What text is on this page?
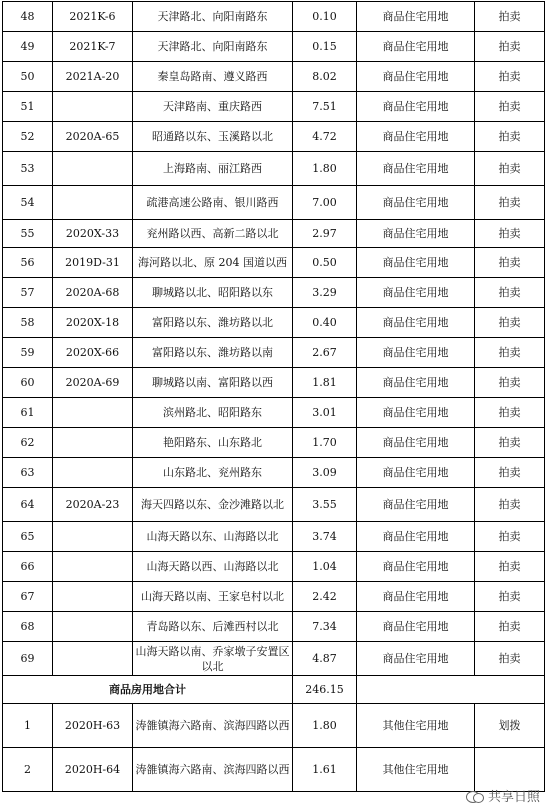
48	2021K-6	天津路北、向阳南路东	0.10	商品住宅用地	拍卖
49	2021K-7	天津路北、向阳南路东	0.15	商品住宅用地	拍卖
50	2021A-20	秦皇岛路南、遵义路西	8.02	商品住宅用地	拍卖
51		天津路南、重庆路西	7.51	商品住宅用地	拍卖
52	2020A-65	昭通路以东、玉溪路以北	4.72	商品住宅用地	拍卖
53		上海路南、丽江路西	1.80	商品住宅用地	拍卖
54		疏港高速公路南、银川路西	7.00	商品住宅用地	拍卖
55	2020X-33	兖州路以西、高新二路以北	2.97	商品住宅用地	拍卖
56	2019D-31	海河路以北、原 204 国道以西	0.50	商品住宅用地	拍卖
57	2020A-68	聊城路以北、昭阳路以东	3.29	商品住宅用地	拍卖
58	2020X-18	富阳路以东、潍坊路以北	0.40	商品住宅用地	拍卖
59	2020X-66	富阳路以东、潍坊路以南	2.67	商品住宅用地	拍卖
60	2020A-69	聊城路以南、富阳路以西	1.81	商品住宅用地	拍卖
61		滨州路北、昭阳路东	3.01	商品住宅用地	拍卖
62		艳阳路东、山东路北	1.70	商品住宅用地	拍卖
63		山东路北、兖州路东	3.09	商品住宅用地	拍卖
64	2020A-23	海天四路以东、金沙滩路以北	3.55	商品住宅用地	拍卖
65		山海天路以东、山海路以北	3.74	商品住宅用地	拍卖
66		山海天路以西、山海路以北	1.04	商品住宅用地	拍卖
67		山海天路以南、王家皂村以北	2.42	商品住宅用地	拍卖
68		青岛路以东、后滩西村以北	7.34	商品住宅用地	拍卖
69		山海天路以南、乔家墩子安置区以北	4.87	商品住宅用地	拍卖
商品房用地合计			246.15		
1	2020H-63	涛雒镇海六路南、滨海四路以西	1.80	其他住宅用地	划拨
2	2020H-64	涛雒镇海六路南、滨海四路以西	1.61	其他住宅用地	
共享日照
